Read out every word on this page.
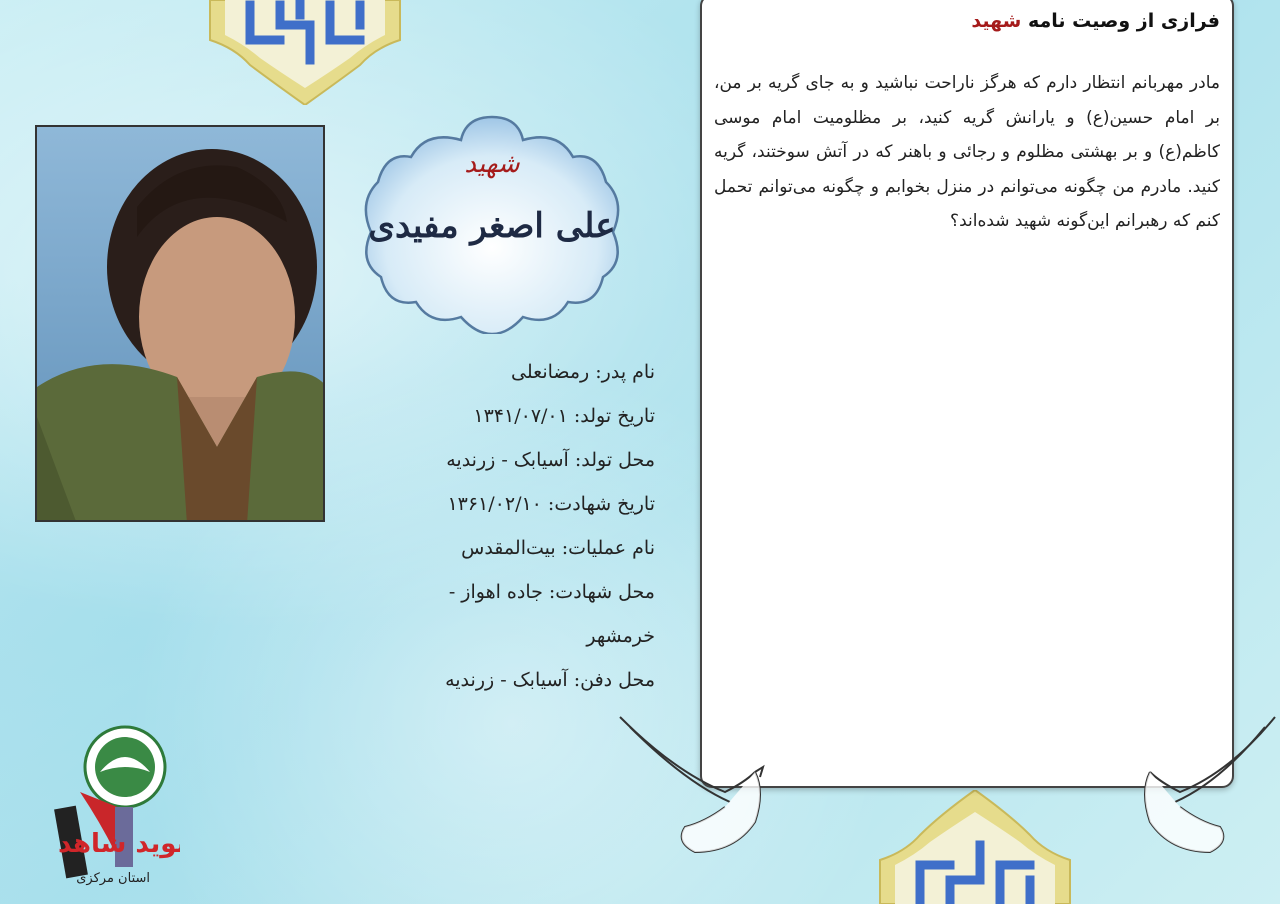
شهید
علی اصغر مفیدی
نام پدر: رمضانعلی
تاریخ تولد: ۱۳۴۱/۰۷/۰۱
محل تولد: آسیابک - زرندیه
تاریخ شهادت: ۱۳۶۱/۰۲/۱۰
نام عملیات: بیت‌المقدس
محل شهادت: جاده اهواز -
خرمشهر
محل دفن: آسیابک - زرندیه
فرازی از وصیت نامه شهید
مادر مهربانم انتظار دارم که هرگز ناراحت نباشید و به جای گریه بر من، بر امام حسین(ع) و یارانش گریه کنید، بر مظلومیت امام موسی کاظم(ع) و بر بهشتی مظلوم و رجائی و باهنر که در آتش سوختند، گریه کنید. مادرم من چگونه می‌توانم در منزل بخوابم و چگونه می‌توانم تحمل کنم که رهبرانم این‌گونه شهید شده‌اند؟
نوید شاهد
استان مرکزی
